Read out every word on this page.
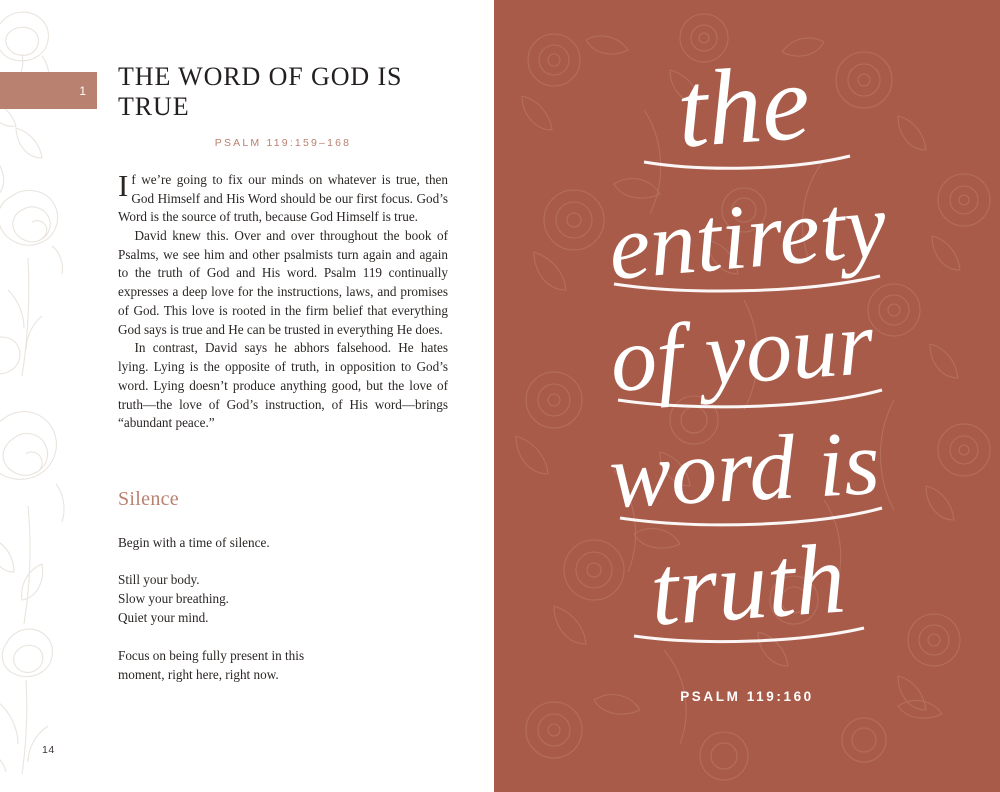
1 THE WORD OF GOD IS TRUE
PSALM 119:159–168

If we’re going to fix our minds on whatever is true, then God Himself and His Word should be our first focus. God’s Word is the source of truth, because God Himself is true.

David knew this. Over and over throughout the book of Psalms, we see him and other psalmists turn again and again to the truth of God and His word. Psalm 119 continually expresses a deep love for the instructions, laws, and promises of God. This love is rooted in the firm belief that everything God says is true and He can be trusted in everything He does.

In contrast, David says he abhors falsehood. He hates lying. Lying is the opposite of truth, in opposition to God’s word. Lying doesn’t produce anything good, but the love of truth—the love of God’s instruction, of His word—brings “abundant peace.”

Silence
Begin with a time of silence.
Still your body.
Slow your breathing.
Quiet your mind.
Focus on being fully present in this
moment, right here, right now.
14
the
entirety
of your
word is
truth
PSALM 119:160
